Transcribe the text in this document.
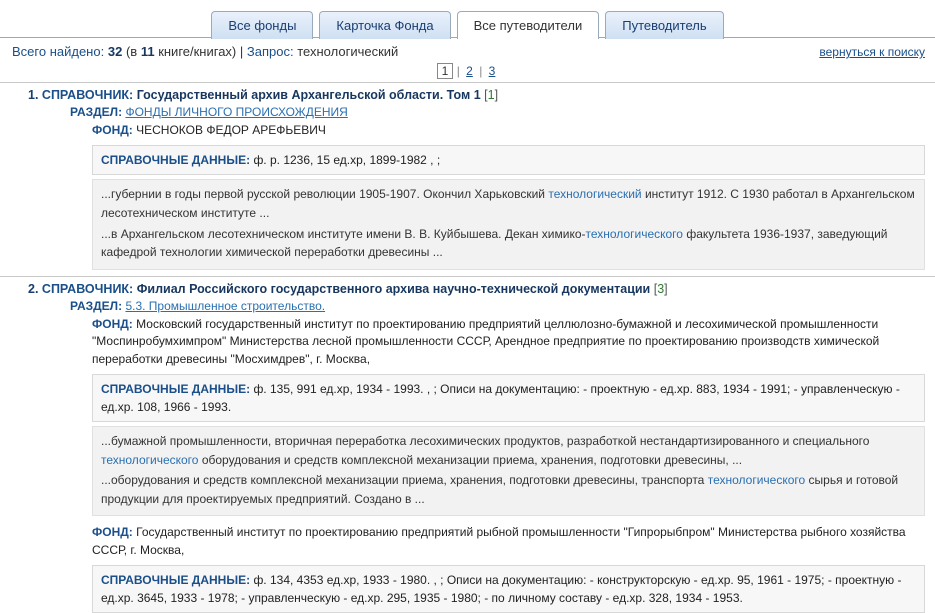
Все фонды	Карточка Фонда	Все путеводители	Путеводитель
Всего найдено: 32 (в 11 книге/книгах) | Запрос: технологический	вернуться к поиску
1 | 2 | 3
1. СПРАВОЧНИК: Государственный архив Архангельской области. Том 1 [1]
РАЗДЕЛ: ФОНДЫ ЛИЧНОГО ПРОИСХОЖДЕНИЯ
ФОНД: ЧЕСНОКОВ ФЕДОР АРЕФЬЕВИЧ
СПРАВОЧНЫЕ ДАННЫЕ: ф. р. 1236, 15 ед.хр, 1899-1982 , ;

...губернии в годы первой русской революции 1905-1907. Окончил Харьковский технологический институт 1912. С 1930 работал в Архангельском лесотехническом институте ...

...в Архангельском лесотехническом институте имени В. В. Куйбышева. Декан химико-технологического факультета 1936-1937, заведующий кафедрой технологии химической переработки древесины ...

2. СПРАВОЧНИК: Филиал Российского государственного архива научно-технической документации [3]
РАЗДЕЛ: 5.3. Промышленное строительство.
ФОНД: Московский государственный институт по проектированию предприятий целлюлозно-бумажной и лесохимической промышленности "Моспинробумхимпром" Министерства лесной промышленности СССР, Арендное предприятие по проектированию производств химической переработки древесины "Мосхимдрев", г. Москва,
СПРАВОЧНЫЕ ДАННЫЕ: ф. 135, 991 ед.хр, 1934 - 1993. , ; Описи на документацию: - проектную - ед.хр. 883, 1934 - 1991; - управленческую - ед.хр. 108, 1966 - 1993.

...бумажной промышленности, вторичная переработка лесохимических продуктов, разработкой нестандартизированного и специального технологического оборудования и средств комплексной механизации приема, хранения, подготовки древесины, ...

...оборудования и средств комплексной механизации приема, хранения, подготовки древесины, транспорта технологического сырья и готовой продукции для проектируемых предприятий. Создано в ...

ФОНД: Государственный институт по проектированию предприятий рыбной промышленности "Гипрорыбпром" Министерства рыбного хозяйства СССР, г. Москва,
СПРАВОЧНЫЕ ДАННЫЕ: ф. 134, 4353 ед.хр, 1933 - 1980. , ; Описи на документацию: - конструкторскую - ед.хр. 95, 1961 - 1975; - проектную - ед.хр. 3645, 1933 - 1978; - управленческую - ед.хр. 295, 1935 - 1980; - по личному составу - ед.хр. 328, 1934 - 1953.
